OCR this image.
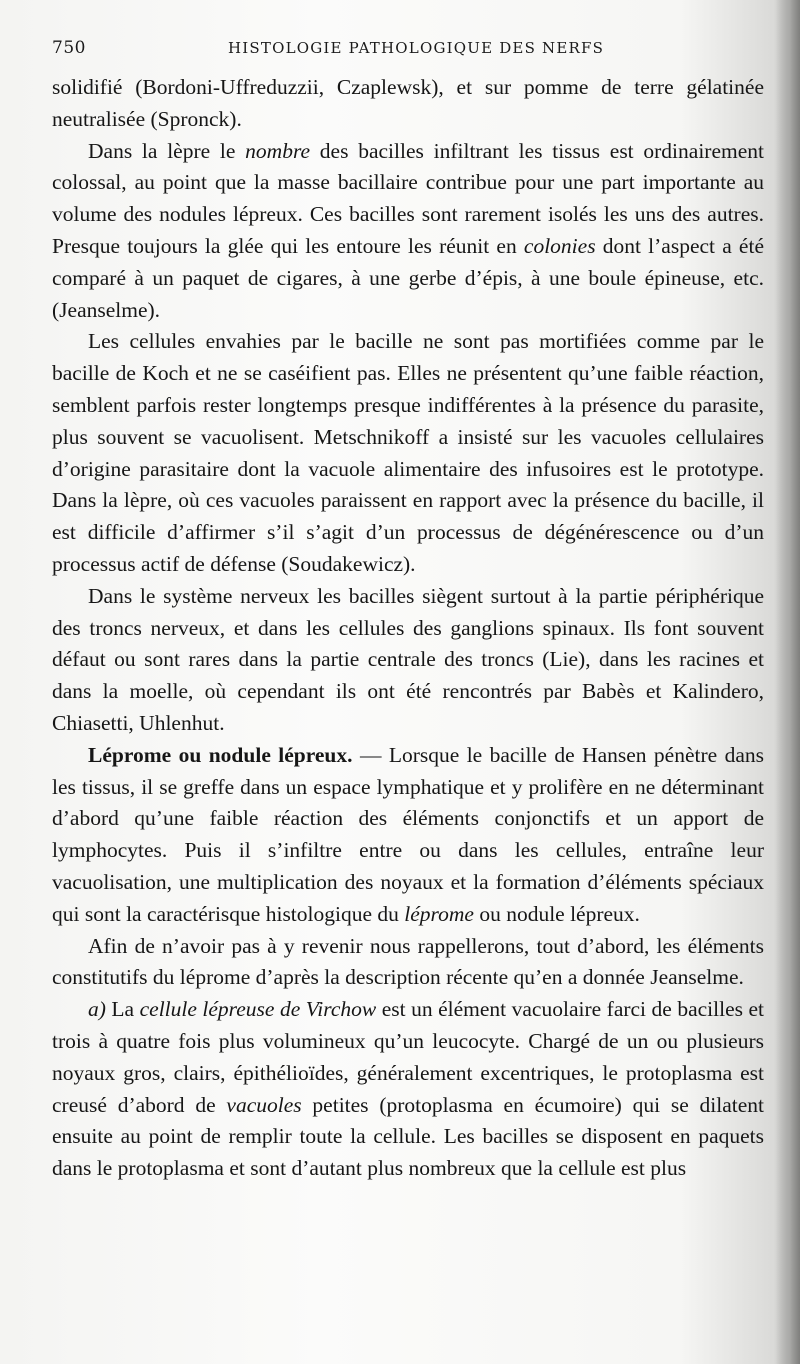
750	HISTOLOGIE PATHOLOGIQUE DES NERFS

solidifié (Bordoni-Uffreduzzii, Czaplewsk), et sur pomme de terre gélatinée neutralisée (Spronck).

Dans la lèpre le nombre des bacilles infiltrant les tissus est ordinairement colossal, au point que la masse bacillaire contribue pour une part importante au volume des nodules lépreux. Ces bacilles sont rarement isolés les uns des autres. Presque toujours la glée qui les entoure les réunit en colonies dont l’aspect a été comparé à un paquet de cigares, à une gerbe d’épis, à une boule épineuse, etc. (Jeanselme).

Les cellules envahies par le bacille ne sont pas mortifiées comme par le bacille de Koch et ne se caséifient pas. Elles ne présentent qu’une faible réaction, semblent parfois rester longtemps presque indifférentes à la présence du parasite, plus souvent se vacuolisent. Metschnikoff a insisté sur les vacuoles cellulaires d’origine parasitaire dont la vacuole alimentaire des infusoires est le prototype. Dans la lèpre, où ces vacuoles paraissent en rapport avec la présence du bacille, il est difficile d’affirmer s’il s’agit d’un processus de dégénérescence ou d’un processus actif de défense (Soudakewicz).

Dans le système nerveux les bacilles siègent surtout à la partie périphérique des troncs nerveux, et dans les cellules des ganglions spinaux. Ils font souvent défaut ou sont rares dans la partie centrale des troncs (Lie), dans les racines et dans la moelle, où cependant ils ont été rencontrés par Babès et Kalindero, Chiasetti, Uhlenhut.

Léprome ou nodule lépreux. — Lorsque le bacille de Hansen pénètre dans les tissus, il se greffe dans un espace lymphatique et y prolifère en ne déterminant d’abord qu’une faible réaction des éléments conjonctifs et un apport de lymphocytes. Puis il s’infiltre entre ou dans les cellules, entraîne leur vacuolisation, une multiplication des noyaux et la formation d’éléments spéciaux qui sont la caractérisque histologique du léprome ou nodule lépreux.

Afin de n’avoir pas à y revenir nous rappellerons, tout d’abord, les éléments constitutifs du léprome d’après la description récente qu’en a donnée Jeanselme.

a) La cellule lépreuse de Virchow est un élément vacuolaire farci de bacilles et trois à quatre fois plus volumineux qu’un leucocyte. Chargé de un ou plusieurs noyaux gros, clairs, épithélioïdes, généralement excentriques, le protoplasma est creusé d’abord de vacuoles petites (protoplasma en écumoire) qui se dilatent ensuite au point de remplir toute la cellule. Les bacilles se disposent en paquets dans le protoplasma et sont d’autant plus nombreux que la cellule est plus
